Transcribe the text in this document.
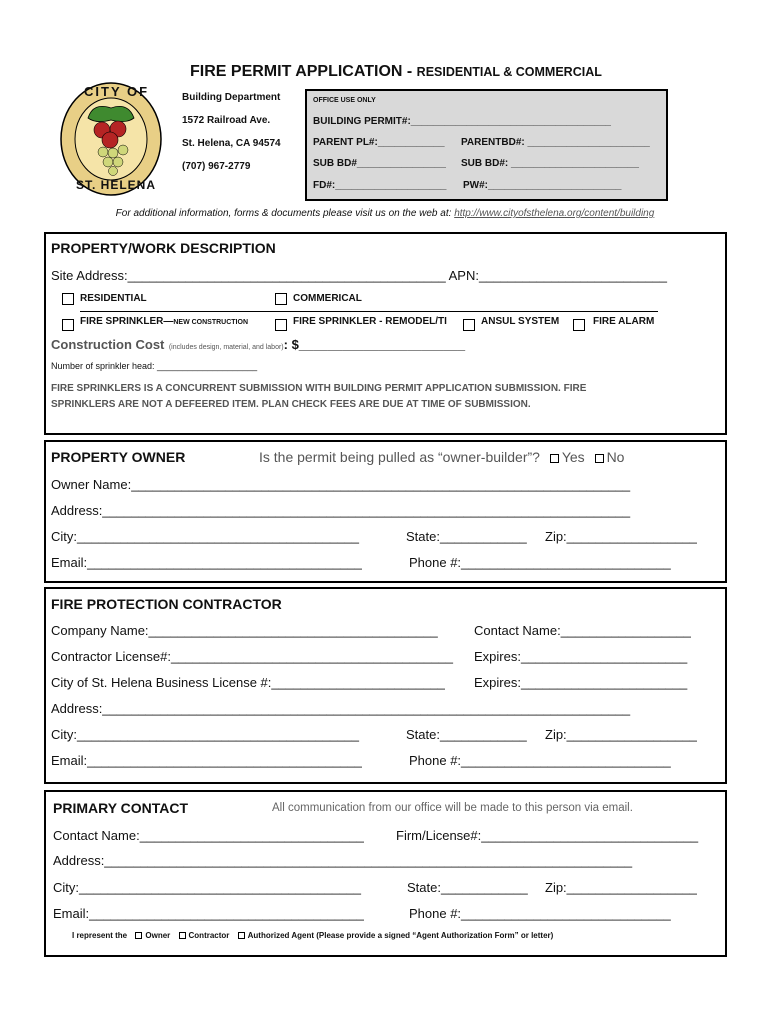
CITY OF
ST. HELENA
FIRE PERMIT APPLICATION - RESIDENTIAL & COMMERCIAL
Building Department
1572 Railroad Ave.
St. Helena, CA 94574
(707) 967-2779
OFFICE USE ONLY
BUILDING PERMIT#:____________________________________
PARENT PL#:____________ PARENTBD#: ______________________
SUB BD#________________ SUB BD#: _______________________
FD#:____________________ PW#:________________________
For additional information, forms & documents please visit us on the web at: http://www.cityofsthelena.org/content/building
PROPERTY/WORK DESCRIPTION
Site Address:____________________________________________ APN:__________________________
RESIDENTIAL	COMMERICAL
FIRE SPRINKLER—NEW CONSTRUCTION	FIRE SPRINKLER - REMODEL/TI	ANSUL SYSTEM	FIRE ALARM
Construction Cost (includes design, material, and labor): $_______________________
Number of sprinkler head: ____________________
FIRE SPRINKLERS IS A CONCURRENT SUBMISSION WITH BUILDING PERMIT APPLICATION SUBMISSION. FIRE
SPRINKLERS ARE NOT A DEFEERED ITEM. PLAN CHECK FEES ARE DUE AT TIME OF SUBMISSION.
PROPERTY OWNER	Is the permit being pulled as “owner-builder”? Yes No
Owner Name:_____________________________________________________________________
Address:_________________________________________________________________________
City:_______________________________________	State:____________ Zip:__________________
Email:______________________________________	Phone #:_____________________________
FIRE PROTECTION CONTRACTOR
Company Name:________________________________________	Contact Name:__________________
Contractor License#:_______________________________________ Expires:_______________________
City of St. Helena Business License #:________________________ Expires:_______________________
Address:_________________________________________________________________________
City:_______________________________________	State:____________ Zip:__________________
Email:______________________________________	Phone #:_____________________________
PRIMARY CONTACT	All communication from our office will be made to this person via email.
Contact Name:_______________________________ Firm/License#:______________________________
Address:_________________________________________________________________________
City:_______________________________________	State:____________ Zip:__________________
Email:______________________________________	Phone #:_____________________________
I represent the Owner Contractor Authorized Agent (Please provide a signed “Agent Authorization Form” or letter)
